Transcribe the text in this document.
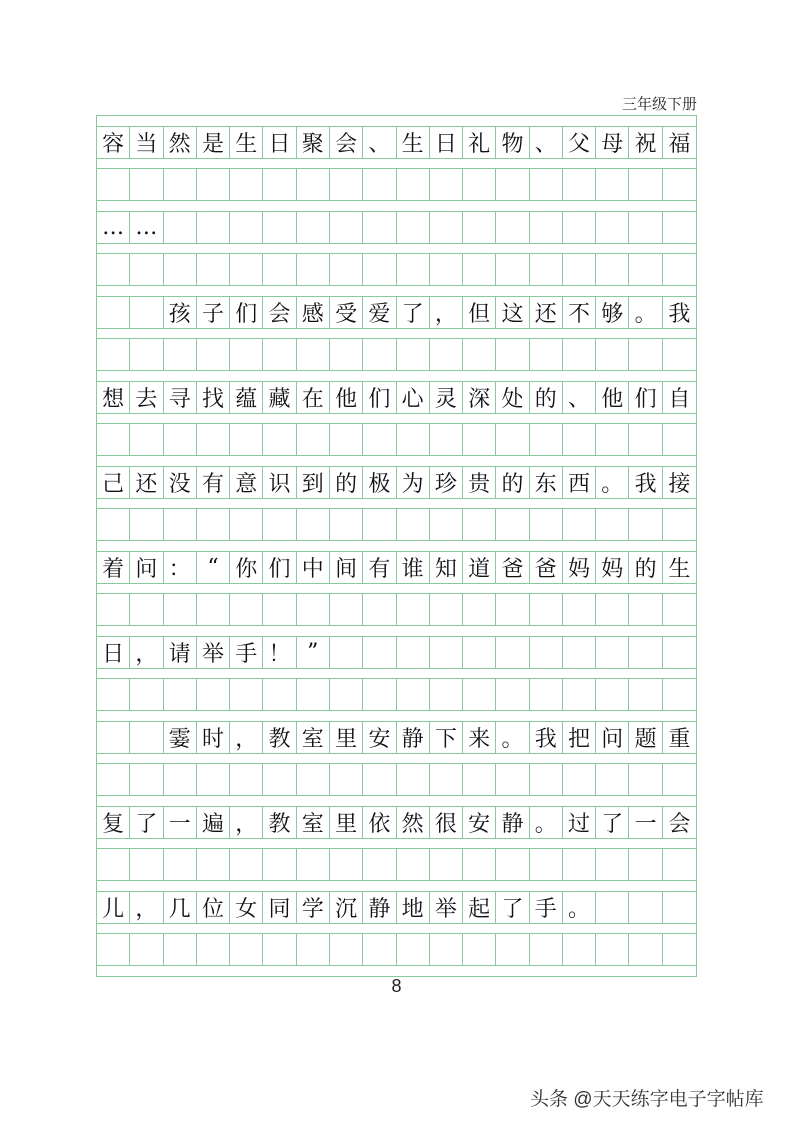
三年级下册
容 当 然 是 生 日 聚 会 、 生 日 礼 物 、 父 母 祝 福
… …
孩 子 们 会 感 受 爱 了 ， 但 这 还 不 够 。 我
想 去 寻 找 蕴 藏 在 他 们 心 灵 深 处 的 、 他 们 自
己 还 没 有 意 识 到 的 极 为 珍 贵 的 东 西 。 我 接
着 问 ： “ 你 们 中 间 有 谁 知 道 爸 爸 妈 妈 的 生
日 ， 请 举 手 ！ ”
霎 时 ， 教 室 里 安 静 下 来 。 我 把 问 题 重
复 了 一 遍 ， 教 室 里 依 然 很 安 静 。 过 了 一 会
儿 ， 几 位 女 同 学 沉 静 地 举 起 了 手 。
8
头条 @天天练字电子字帖库
